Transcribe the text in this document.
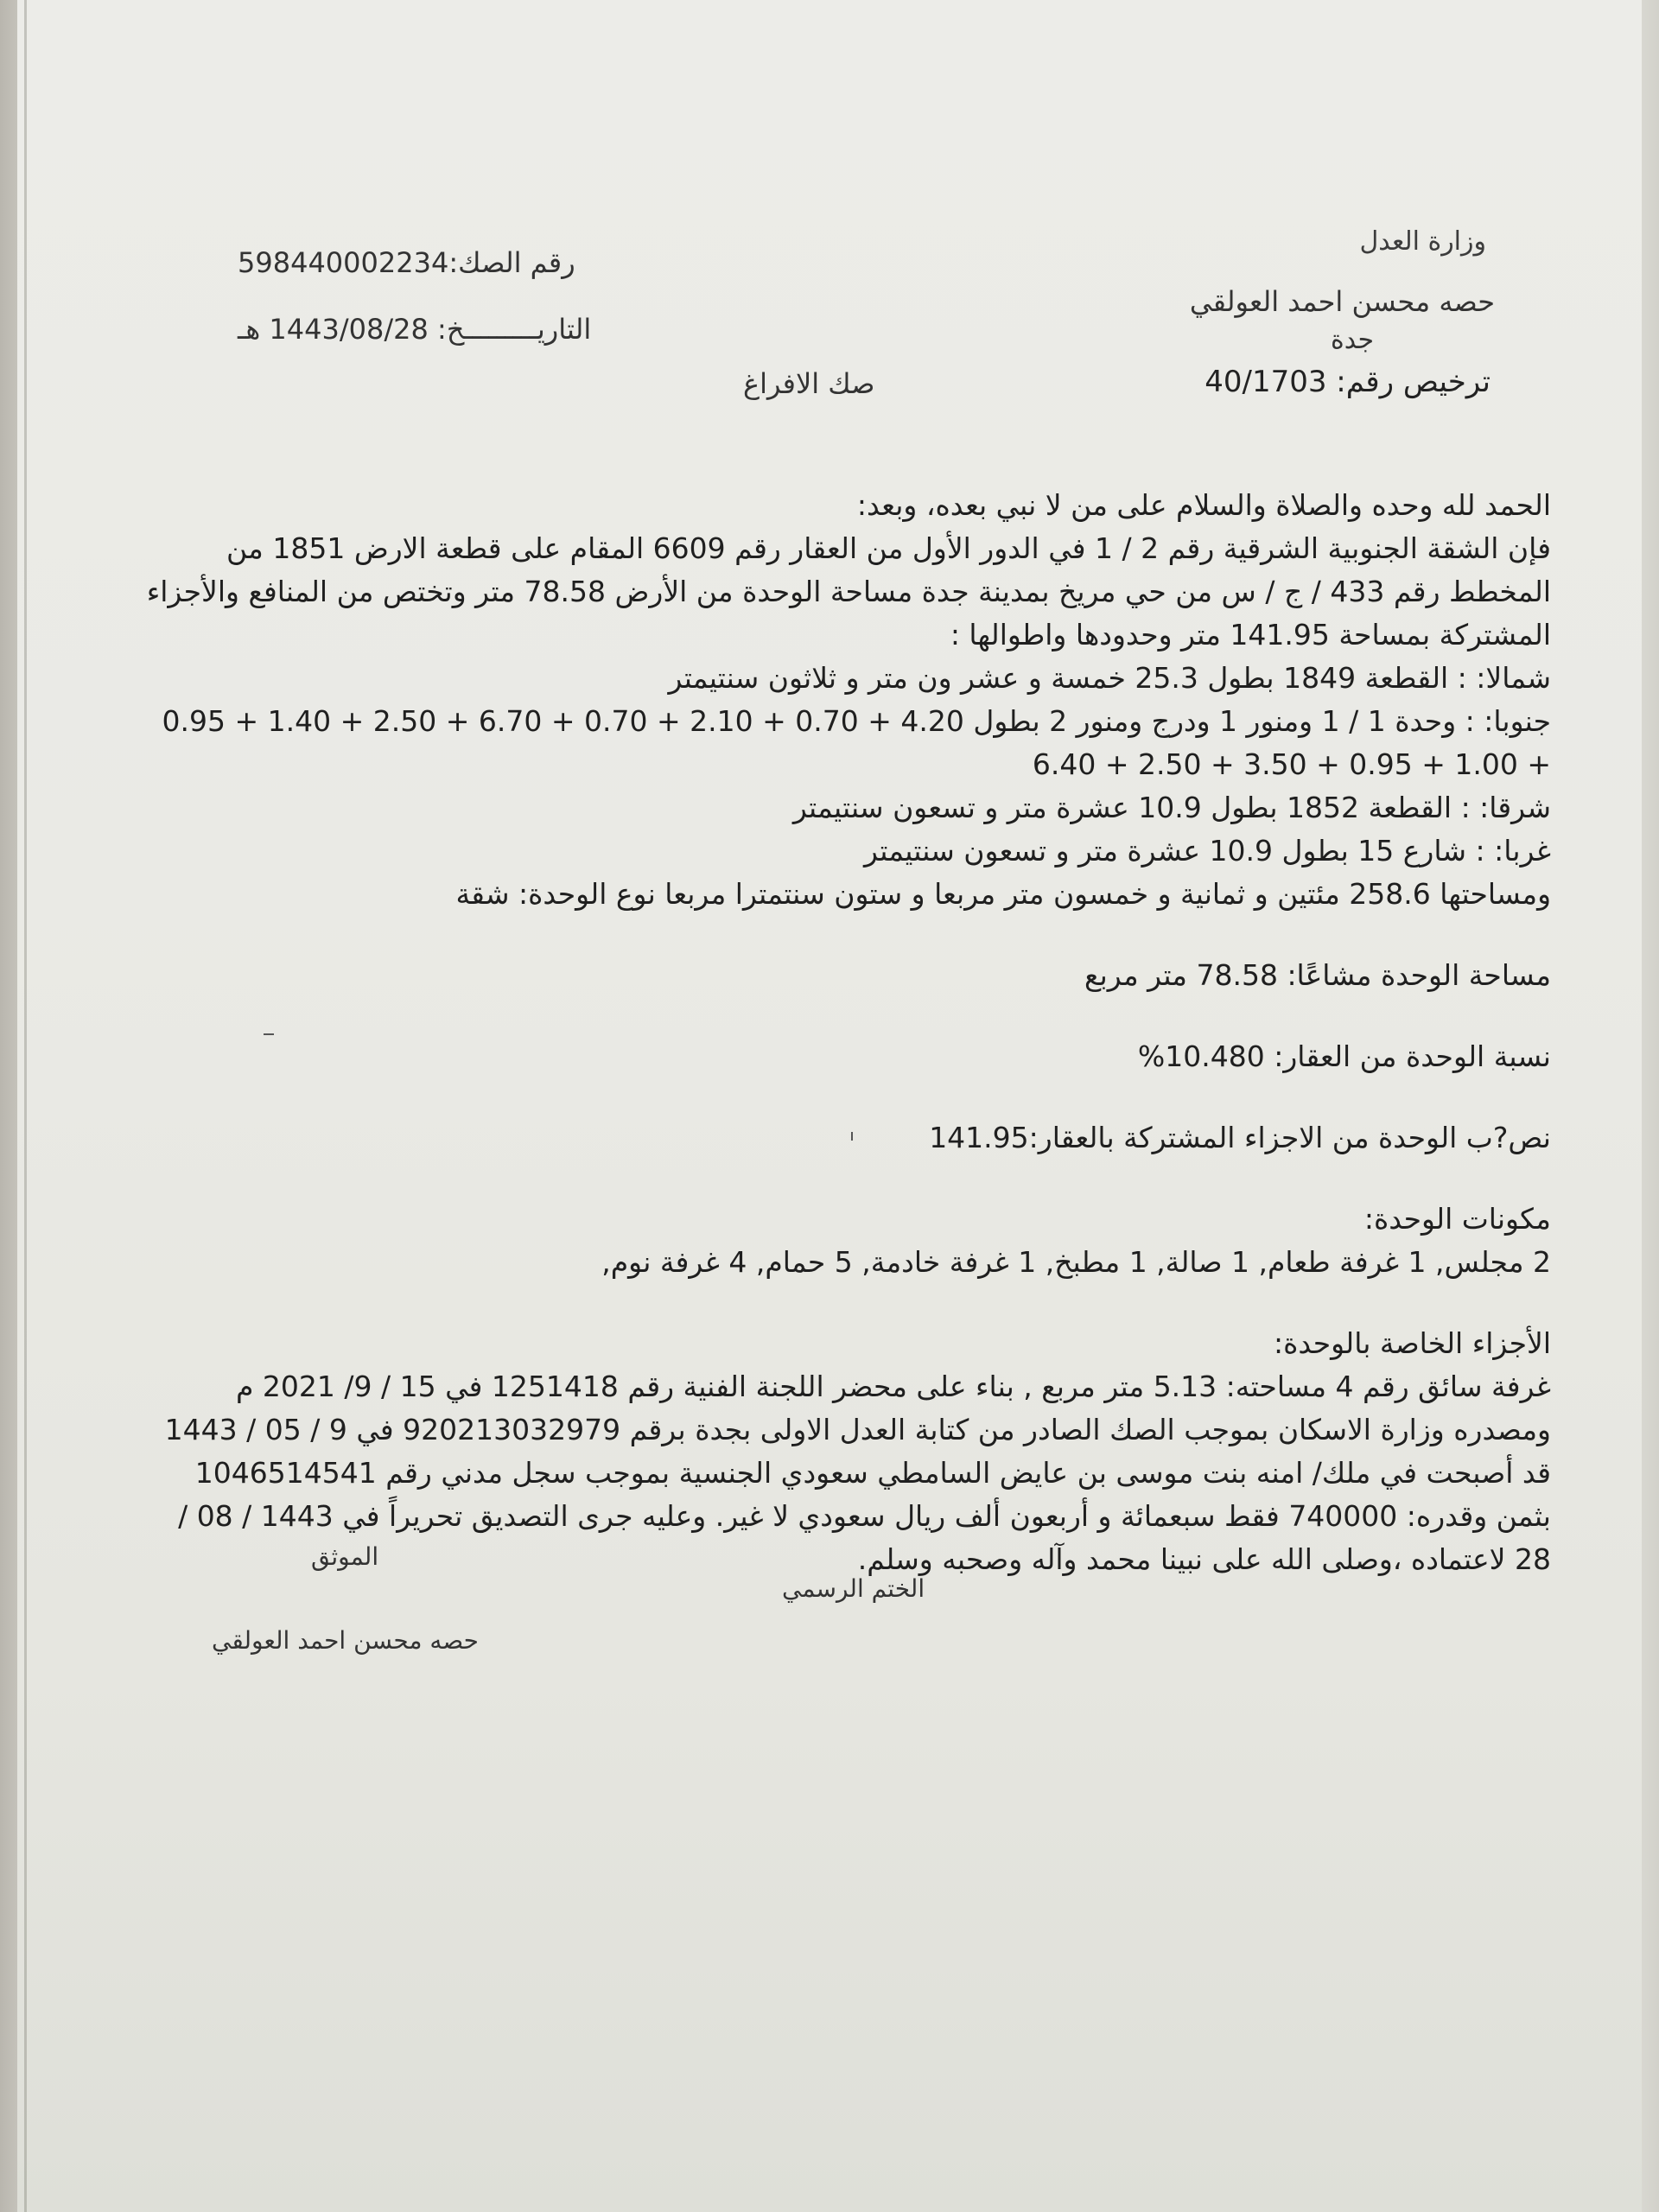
وزارة العدل
حصه محسن احمد العولقي
جدة
ترخيص رقم: 40/1703
رقم الصك:598440002234
التاريـــــــــخ: 1443/08/28 هـ
صك الافراغ

الحمد لله وحده والصلاة والسلام على من لا نبي بعده، وبعد:

فإن الشقة الجنوبية الشرقية رقم 2 / 1 في الدور الأول من العقار رقم 6609 المقام على قطعة الارض 1851 من المخطط رقم 433 / ج / س من حي مريخ بمدينة جدة مساحة الوحدة من الأرض 78.58 متر وتختص من المنافع والأجزاء المشتركة بمساحة 141.95 متر وحدودها واطوالها :

شمالا: : القطعة 1849 بطول 25.3 خمسة و عشر ون متر و ثلاثون سنتيمتر

جنوبا: : وحدة 1 / 1 ومنور 1 ودرج ومنور 2 بطول 4.20 + 0.70 + 2.10 + 0.70 + 6.70 + 2.50 + 1.40 + 0.95 + 1.00 + 0.95 + 3.50 + 2.50 + 6.40

شرقا: : القطعة 1852 بطول 10.9 عشرة متر و تسعون سنتيمتر

غربا: : شارع 15 بطول 10.9 عشرة متر و تسعون سنتيمتر

ومساحتها 258.6 مئتين و ثمانية و خمسون متر مربعا و ستون سنتمترا مربعا نوع الوحدة: شقة

مساحة الوحدة مشاعًا: 78.58 متر مربع

نسبة الوحدة من العقار: 10.480%

نص?ب الوحدة من الاجزاء المشتركة بالعقار:141.95

مكونات الوحدة:

2 مجلس, 1 غرفة طعام, 1 صالة, 1 مطبخ, 1 غرفة خادمة, 5 حمام, 4 غرفة نوم,

الأجزاء الخاصة بالوحدة:

غرفة سائق رقم 4 مساحته: 5.13 متر مربع , بناء على محضر اللجنة الفنية رقم 1251418 في 15 / 9/ 2021 م ومصدره وزارة الاسكان بموجب الصك الصادر من كتابة العدل الاولى بجدة برقم 920213032979 في 9 / 05 / 1443 قد أصبحت في ملك/ امنه بنت موسى بن عايض السامطي سعودي الجنسية بموجب سجل مدني رقم 1046514541 بثمن وقدره: 740000 فقط سبعمائة و أربعون ألف ريال سعودي لا غير. وعليه جرى التصديق تحريراً في 1443 / 08 / 28 لاعتماده ،وصلى الله على نبينا محمد وآله وصحبه وسلم.

الموثق
الختم الرسمي
حصه محسن احمد العولقي
